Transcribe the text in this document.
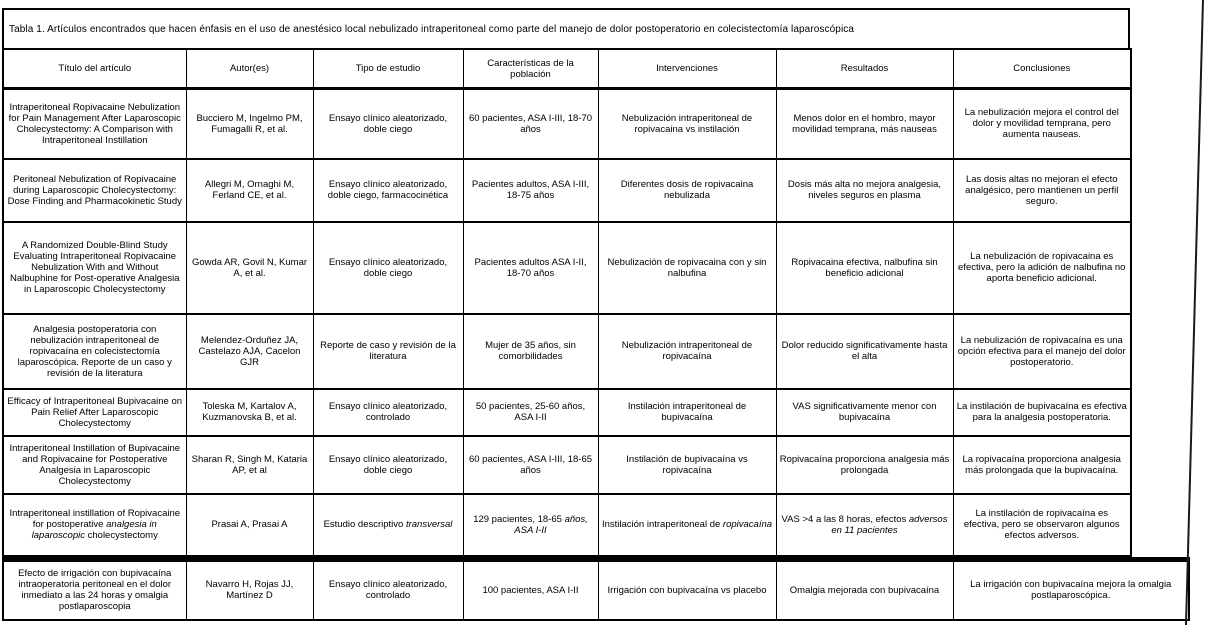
Tabla 1. Artículos encontrados que hacen énfasis en el uso de anestésico local nebulizado intraperitoneal como parte del manejo de dolor postoperatorio en colecistectomía laparoscópica
Título del artículo	Autor(es)	Tipo de estudio	Características de la población	Intervenciones	Resultados	Conclusiones
Intraperitoneal Ropivacaine Nebulization for Pain Management After Laparoscopic Cholecystectomy: A Comparison with Intraperitoneal Instillation	Bucciero M, Ingelmo PM, Fumagalli R, et al.	Ensayo clínico aleatorizado, doble ciego	60 pacientes, ASA I-III, 18-70 años	Nebulización intraperitoneal de ropivacaina vs instilación	Menos dolor en el hombro, mayor movilidad temprana, más nauseas	La nebulización mejora el control del dolor y movilidad temprana, pero aumenta nauseas.
Peritoneal Nebulization of Ropivacaine during Laparoscopic Cholecystectomy: Dose Finding and Pharmacokinetic Study	Allegri M, Ornaghi M, Ferland CE, et al.	Ensayo clínico aleatorizado, doble ciego, farmacocinética	Pacientes adultos, ASA I-III, 18-75 años	Diferentes dosis de ropivacaina nebulizada	Dosis más alta no mejora analgesia, niveles seguros en plasma	Las dosis altas no mejoran el efecto analgésico, pero mantienen un perfil seguro.
A Randomized Double-Blind Study Evaluating Intraperitoneal Ropivacaine Nebulization With and Without Nalbuphine for Post-operative Analgesia in Laparoscopic Cholecystectomy	Gowda AR, Govil N, Kumar A, et al.	Ensayo clínico aleatorizado, doble ciego	Pacientes adultos ASA I-II, 18-70 años	Nebulización de ropivacaina con y sin nalbufina	Ropivacaina efectiva, nalbufina sin beneficio adicional	La nebulización de ropivacaina es efectiva, pero la adición de nalbufina no aporta beneficio adicional.
Analgesia postoperatoria con nebulización intraperitoneal de ropivacaína en colecistectomía laparoscópica. Reporte de un caso y revisión de la literatura	Melendez-Orduñez JA, Castelazo AJA, Cacelon GJR	Reporte de caso y revisión de la literatura	Mujer de 35 años, sin comorbilidades	Nebulización intraperitoneal de ropivacaína	Dolor reducido significativamente hasta el alta	La nebulización de ropivacaína es una opción efectiva para el manejo del dolor postoperatorio.
Efficacy of Intraperitoneal Bupivacaine on Pain Relief After Laparoscopic Cholecystectomy	Toleska M, Kartalov A, Kuzmanovska B, et al.	Ensayo clínico aleatorizado, controlado	50 pacientes, 25-60 años, ASA I-II	Instilación intraperitoneal de bupivacaína	VAS significativamente menor con bupivacaína	La instilación de bupivacaína es efectiva para la analgesia postoperatoria.
Intraperitoneal Instillation of Bupivacaine and Ropivacaine for Postoperative Analgesia in Laparoscopic Cholecystectomy	Sharan R, Singh M, Kataria AP, et al	Ensayo clínico aleatorizado, doble ciego	60 pacientes, ASA I-III, 18-65 años	Instilación de bupivacaína vs ropivacaína	Ropivacaína proporciona analgesia más prolongada	La ropivacaína proporciona analgesia más prolongada que la bupivacaína.
Intraperitoneal instillation of Ropivacaine for postoperative analgesia in laparoscopic cholecystectomy	Prasai A, Prasai A	Estudio descriptivo transversal	129 pacientes, 18-65 años, ASA I-II	Instilación intraperitoneal de ropivacaína	VAS >4 a las 8 horas, efectos adversos en 11 pacientes	La instilación de ropivacaína es efectiva, pero se observaron algunos efectos adversos.
Efecto de irrigación con bupivacaína intraoperatoria peritoneal en el dolor inmediato a las 24 horas y omalgia postlaparoscopia	Navarro H, Rojas JJ, Martínez D	Ensayo clínico aleatorizado, controlado	100 pacientes, ASA I-II	Irrigación con bupivacaína vs placebo	Omalgia mejorada con bupivacaína	La irrigación con bupivacaína mejora la omalgia postlaparoscópica.
